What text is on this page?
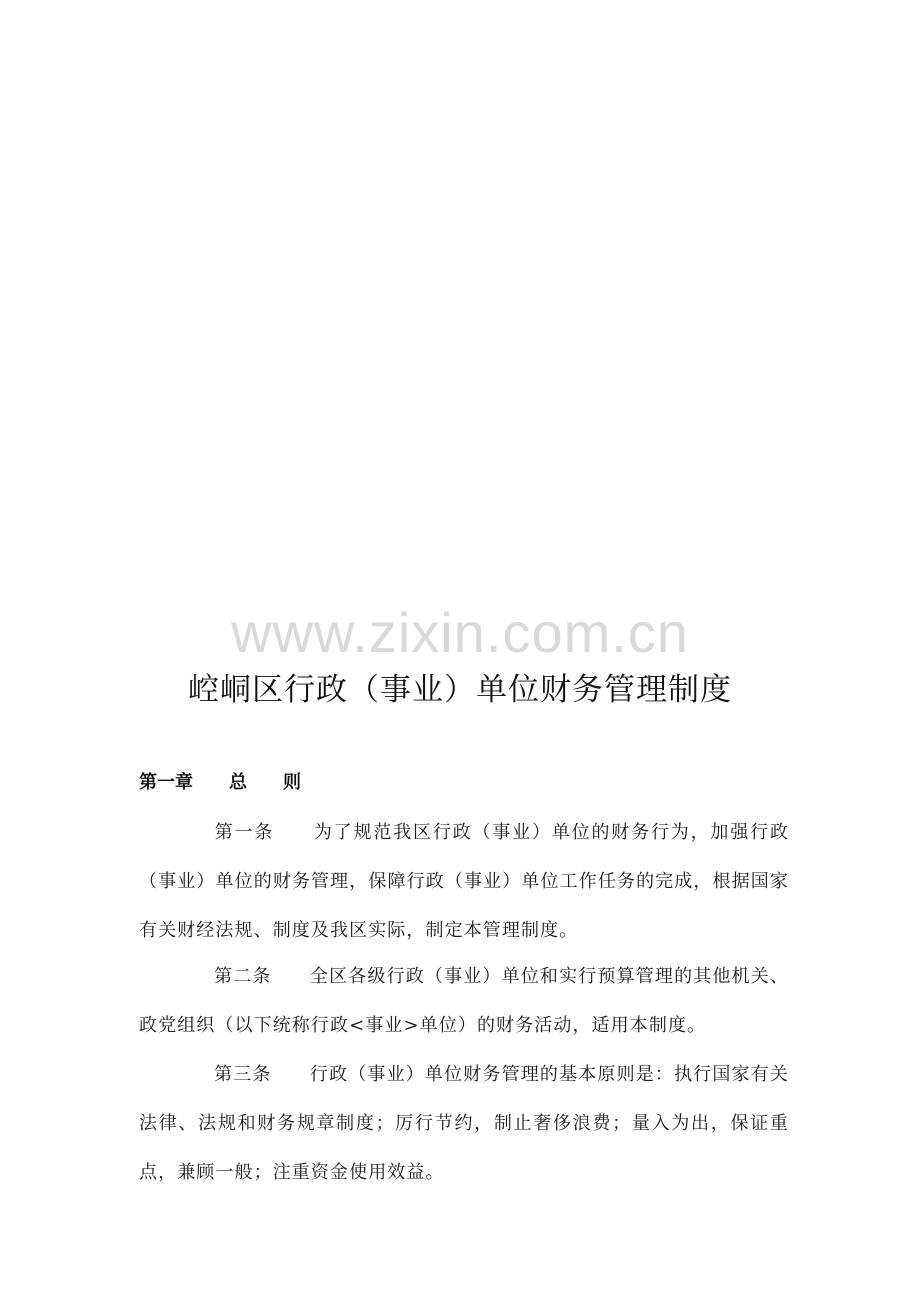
www.zixin.com.cn
崆峒区行政（事业）单位财务管理制度
第一章　　总　　则
第一条　　为了规范我区行政（事业）单位的财务行为，加强行政（事业）单位的财务管理，保障行政（事业）单位工作任务的完成，根据国家有关财经法规、制度及我区实际，制定本管理制度。
第二条　　全区各级行政（事业）单位和实行预算管理的其他机关、政党组织（以下统称行政<事业>单位）的财务活动，适用本制度。
第三条　　行政（事业）单位财务管理的基本原则是：执行国家有关法律、法规和财务规章制度；厉行节约，制止奢侈浪费；量入为出，保证重点，兼顾一般；注重资金使用效益。
